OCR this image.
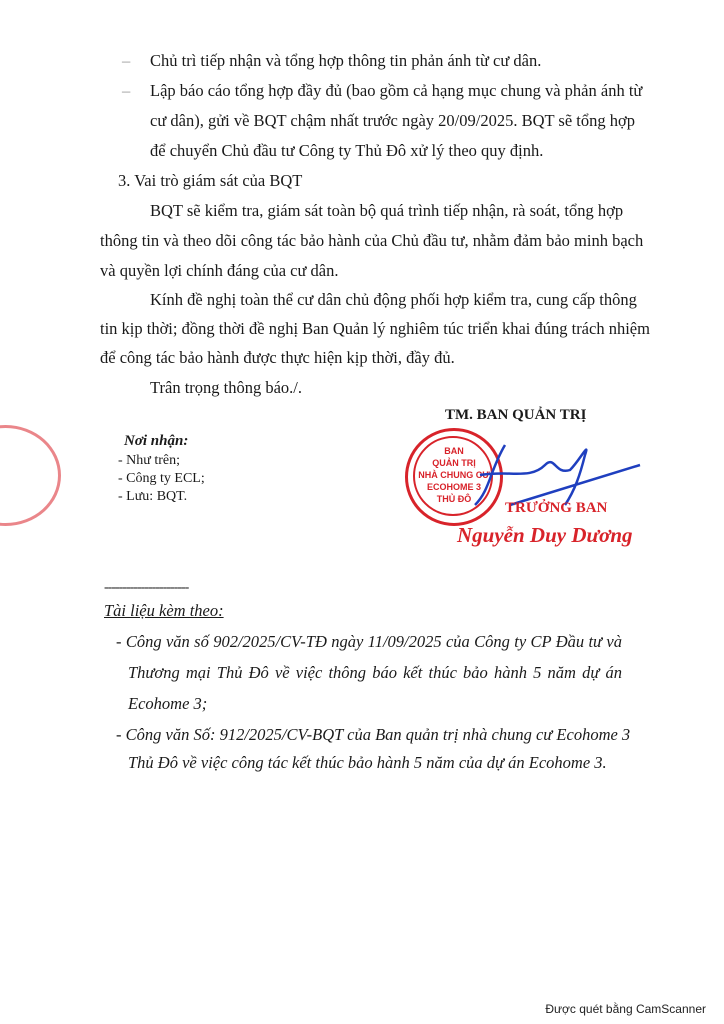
– Chủ trì tiếp nhận và tổng hợp thông tin phản ánh từ cư dân.
– Lập báo cáo tổng hợp đầy đủ (bao gồm cả hạng mục chung và phản ánh từ
cư dân), gửi về BQT chậm nhất trước ngày 20/09/2025. BQT sẽ tổng hợp
để chuyển Chủ đầu tư Công ty Thủ Đô xử lý theo quy định.
3. Vai trò giám sát của BQT
BQT sẽ kiểm tra, giám sát toàn bộ quá trình tiếp nhận, rà soát, tổng hợp
thông tin và theo dõi công tác bảo hành của Chủ đầu tư, nhằm đảm bảo minh bạch
và quyền lợi chính đáng của cư dân.
Kính đề nghị toàn thể cư dân chủ động phối hợp kiểm tra, cung cấp thông
tin kịp thời; đồng thời đề nghị Ban Quản lý nghiêm túc triển khai đúng trách nhiệm
để công tác bảo hành được thực hiện kịp thời, đầy đủ.
Trân trọng thông báo./.
Nơi nhận:
- Như trên;
- Công ty ECL;
- Lưu: BQT.
BAN
QUẢN TRỊ
NHÀ CHUNG CƯ
ECOHOME 3
THỦ ĐÔ
TM. BAN QUẢN TRỊ
TRƯỞNG BAN
Nguyễn Duy Dương
-----------------------
Tài liệu kèm theo:
- Công văn số 902/2025/CV-TĐ ngày 11/09/2025 của Công ty CP Đầu tư và
Thương mại Thủ Đô về việc thông báo kết thúc bảo hành 5 năm dự án
Ecohome 3;
- Công văn Số: 912/2025/CV-BQT của Ban quản trị nhà chung cư Ecohome 3
Thủ Đô về việc công tác kết thúc bảo hành 5 năm của dự án Ecohome 3.
Được quét bằng CamScanner
